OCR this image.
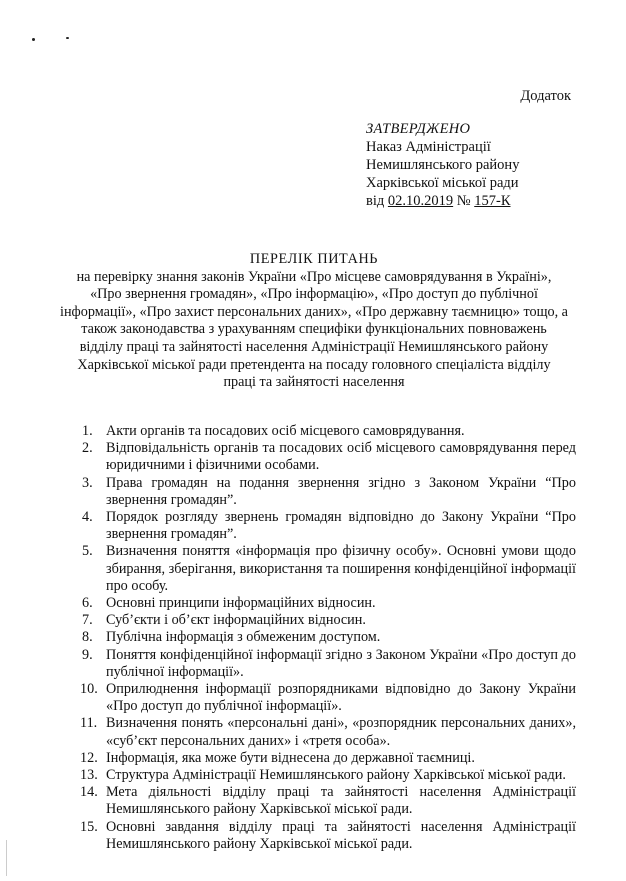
Додаток
ЗАТВЕРДЖЕНО
Наказ Адміністрації
Немишлянського району
Харківської міської ради
від 02.10.2019 № 157-К
ПЕРЕЛІК ПИТАНЬ
на перевірку знання законів України «Про місцеве самоврядування в Україні»,
«Про звернення громадян», «Про інформацію», «Про доступ до публічної
інформації», «Про захист персональних даних», «Про державну таємницю» тощо, а
також законодавства з урахуванням специфіки функціональних повноважень
відділу праці та зайнятості населення Адміністрації Немишлянського району
Харківської міської ради претендента на посаду головного спеціаліста відділу
праці та зайнятості населення
1. Акти органів та посадових осіб місцевого самоврядування.
2. Відповідальність органів та посадових осіб місцевого самоврядування перед юридичними і фізичними особами.
3. Права громадян на подання звернення згідно з Законом України “Про звернення громадян”.
4. Порядок розгляду звернень громадян відповідно до Закону України “Про звернення громадян”.
5. Визначення поняття «інформація про фізичну особу». Основні умови щодо збирання, зберігання, використання та поширення конфіденційної інформації про особу.
6. Основні принципи інформаційних відносин.
7. Суб’єкти і об’єкт інформаційних відносин.
8. Публічна інформація з обмеженим доступом.
9. Поняття конфіденційної інформації згідно з Законом України «Про доступ до публічної інформації».
10. Оприлюднення інформації розпорядниками відповідно до Закону України «Про доступ до публічної інформації».
11. Визначення понять «персональні дані», «розпорядник персональних даних», «суб’єкт персональних даних» і «третя особа».
12. Інформація, яка може бути віднесена до державної таємниці.
13. Структура Адміністрації Немишлянського району Харківської міської ради.
14. Мета діяльності відділу праці та зайнятості населення Адміністрації Немишлянського району Харківської міської ради.
15. Основні завдання відділу праці та зайнятості населення Адміністрації Немишлянського району Харківської міської ради.
